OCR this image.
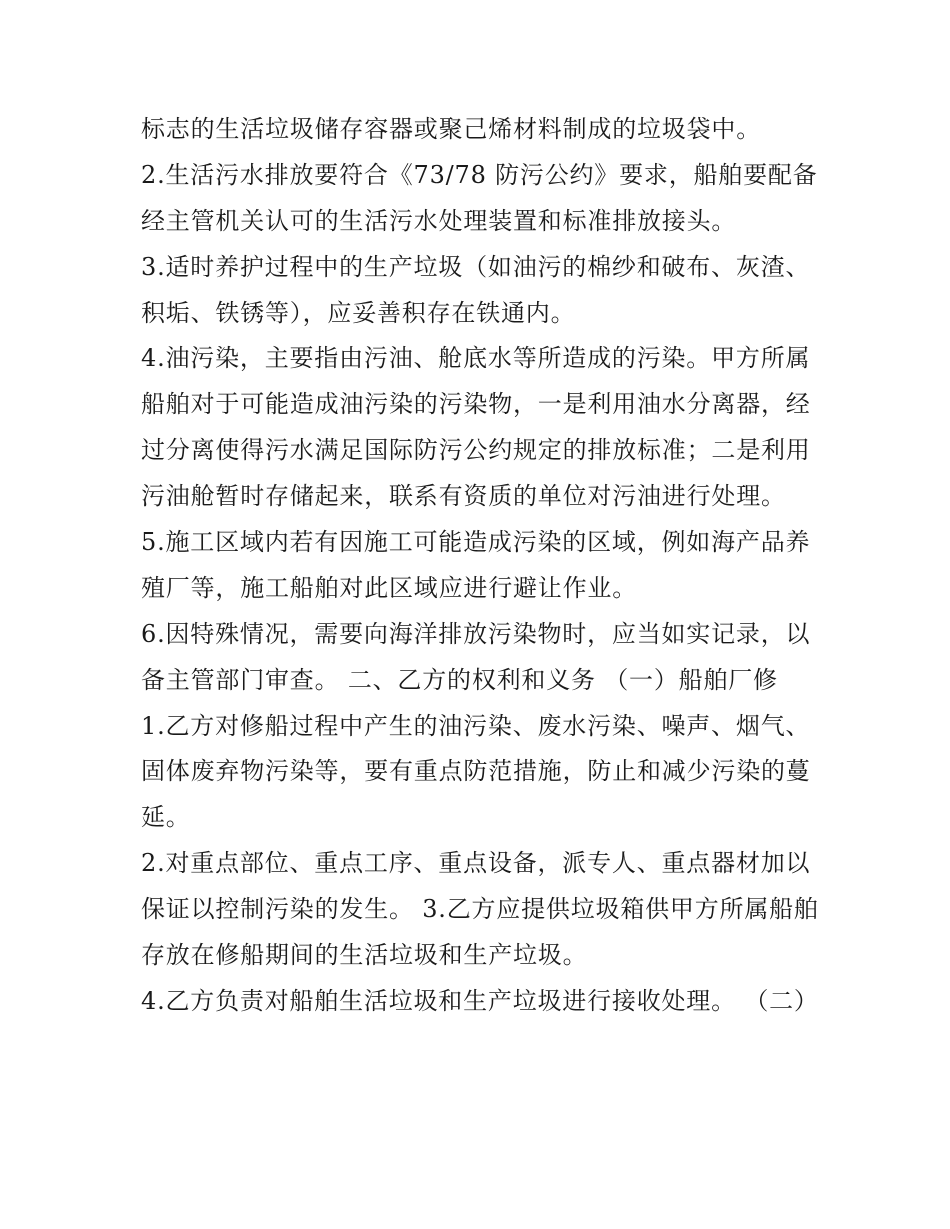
标志的生活垃圾储存容器或聚己烯材料制成的垃圾袋中。
2.生活污水排放要符合《73/78 防污公约》要求，船舶要配备
经主管机关认可的生活污水处理装置和标准排放接头。
3.适时养护过程中的生产垃圾（如油污的棉纱和破布、灰渣、
积垢、铁锈等），应妥善积存在铁通内。
4.油污染，主要指由污油、舱底水等所造成的污染。甲方所属
船舶对于可能造成油污染的污染物，一是利用油水分离器，经
过分离使得污水满足国际防污公约规定的排放标准；二是利用
污油舱暂时存储起来，联系有资质的单位对污油进行处理。
5.施工区域内若有因施工可能造成污染的区域，例如海产品养
殖厂等，施工船舶对此区域应进行避让作业。
6.因特殊情况，需要向海洋排放污染物时，应当如实记录，以
备主管部门审查。 二、乙方的权利和义务 （一）船舶厂修
1.乙方对修船过程中产生的油污染、废水污染、噪声、烟气、
固体废弃物污染等，要有重点防范措施，防止和减少污染的蔓
延。
2.对重点部位、重点工序、重点设备，派专人、重点器材加以
保证以控制污染的发生。 3.乙方应提供垃圾箱供甲方所属船舶
存放在修船期间的生活垃圾和生产垃圾。
4.乙方负责对船舶生活垃圾和生产垃圾进行接收处理。 （二）
